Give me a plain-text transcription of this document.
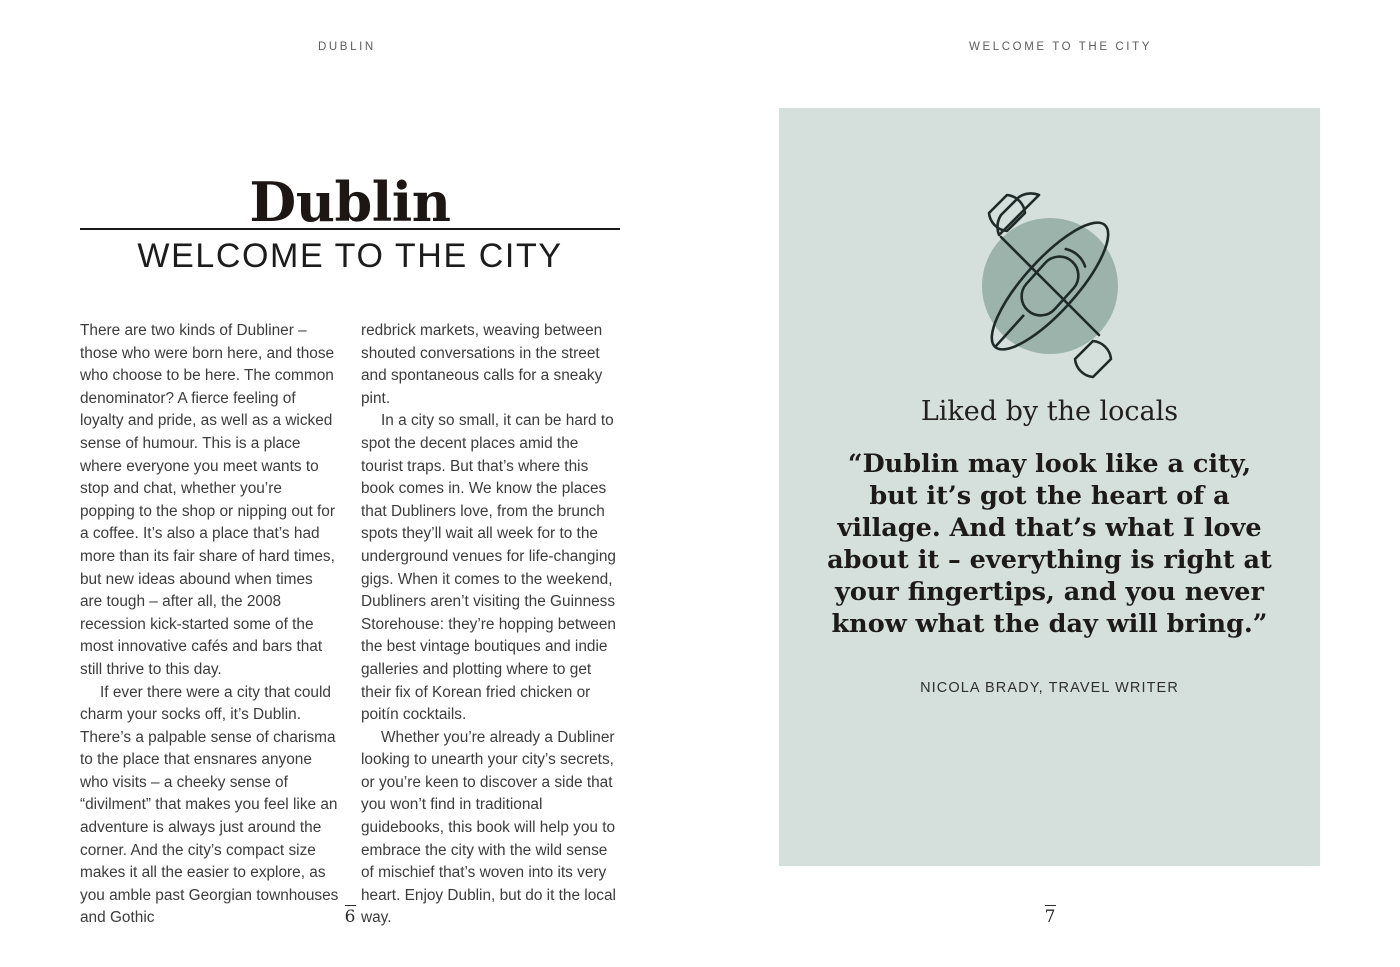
DUBLIN	WELCOME TO THE CITY
Dublin
WELCOME TO THE CITY

There are two kinds of Dubliner – those who were born here, and those who choose to be here. The common denominator? A fierce feeling of loyalty and pride, as well as a wicked sense of humour. This is a place where everyone you meet wants to stop and chat, whether you’re popping to the shop or nipping out for a coffee. It’s also a place that’s had more than its fair share of hard times, but new ideas abound when times are tough – after all, the 2008 recession kick-started some of the most innovative cafés and bars that still thrive to this day.

If ever there were a city that could charm your socks off, it’s Dublin. There’s a palpable sense of charisma to the place that ensnares anyone who visits – a cheeky sense of “divilment” that makes you feel like an adventure is always just around the corner. And the city’s compact size makes it all the easier to explore, as you amble past Georgian townhouses and Gothic

redbrick markets, weaving between shouted conversations in the street and spontaneous calls for a sneaky pint.

In a city so small, it can be hard to spot the decent places amid the tourist traps. But that’s where this book comes in. We know the places that Dubliners love, from the brunch spots they’ll wait all week for to the underground venues for life-changing gigs. When it comes to the weekend, Dubliners aren’t visiting the Guinness Storehouse: they’re hopping between the best vintage boutiques and indie galleries and plotting where to get their fix of Korean fried chicken or poitín cocktails.

Whether you’re already a Dubliner looking to unearth your city’s secrets, or you’re keen to discover a side that you won’t find in traditional guidebooks, this book will help you to embrace the city with the wild sense of mischief that’s woven into its very heart. Enjoy Dublin, but do it the local way.

6
Liked by the locals
“Dublin may look like a city, but it’s got the heart of a village. And that’s what I love about it – everything is right at your fingertips, and you never know what the day will bring.”
NICOLA BRADY, TRAVEL WRITER
7
